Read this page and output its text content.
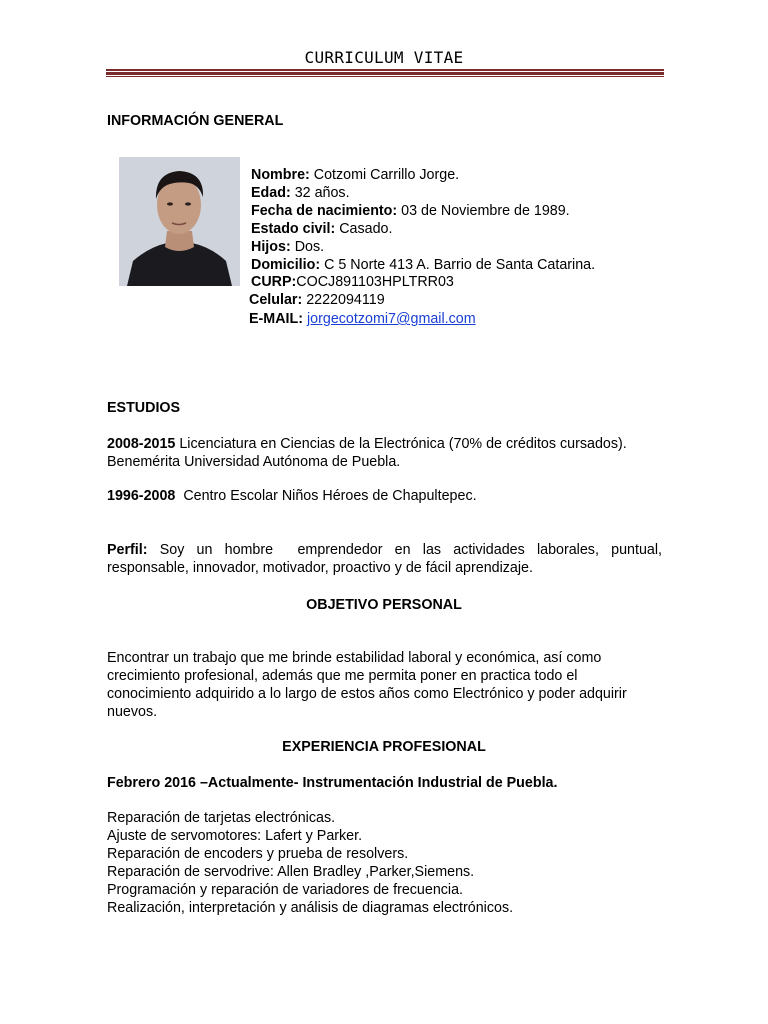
CURRICULUM VITAE
INFORMACIÓN GENERAL
Nombre: Cotzomi Carrillo Jorge.
Edad: 32 años.
Fecha de nacimiento: 03 de Noviembre de 1989.
Estado civil: Casado.
Hijos: Dos.
Domicilio: C 5 Norte 413 A. Barrio de Santa Catarina.
CURP:COCJ891103HPLTRR03
Celular: 2222094119
E-MAIL: jorgecotzomi7@gmail.com
ESTUDIOS
2008-2015 Licenciatura en Ciencias de la Electrónica (70% de créditos cursados).
Benemérita Universidad Autónoma de Puebla.
1996-2008  Centro Escolar Niños Héroes de Chapultepec.
Perfil: Soy un hombre  emprendedor en las actividades laborales, puntual, responsable, innovador, motivador, proactivo y de fácil aprendizaje.
OBJETIVO PERSONAL
Encontrar un trabajo que me brinde estabilidad laboral y económica, así como
crecimiento profesional, además que me permita poner en practica todo el
conocimiento adquirido a lo largo de estos años como Electrónico y poder adquirir
nuevos.
EXPERIENCIA PROFESIONAL
Febrero 2016 –Actualmente- Instrumentación Industrial de Puebla.
Reparación de tarjetas electrónicas.
Ajuste de servomotores: Lafert y Parker.
Reparación de encoders y prueba de resolvers.
Reparación de servodrive: Allen Bradley ,Parker,Siemens.
Programación y reparación de variadores de frecuencia.
Realización, interpretación y análisis de diagramas electrónicos.
